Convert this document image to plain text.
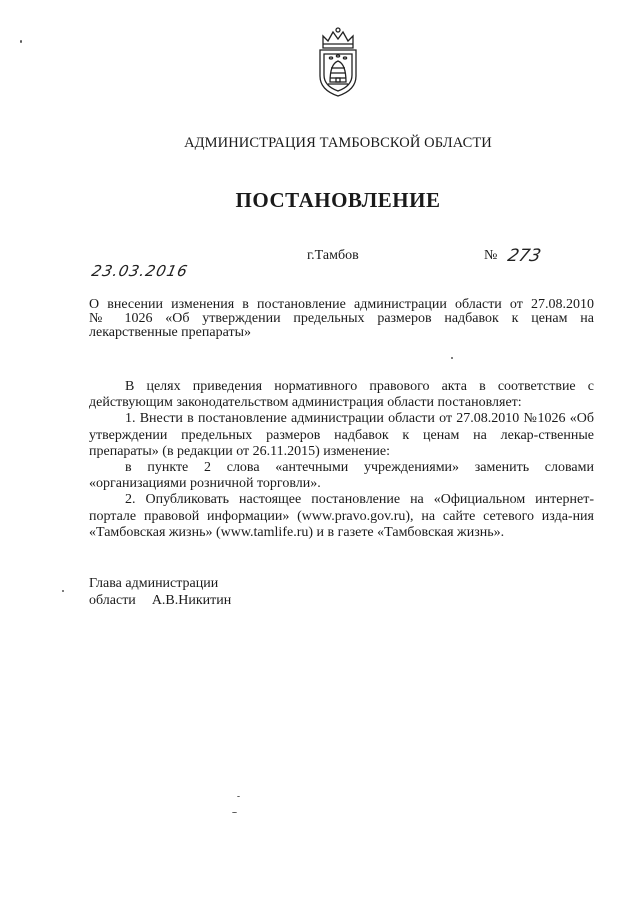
АДМИНИСТРАЦИЯ ТАМБОВСКОЙ ОБЛАСТИ
ПОСТАНОВЛЕНИЕ
23.03.2016
г.Тамбов	№ 273

О внесении изменения в постановление администрации области от 27.08.2010

№ 1026 «Об утверждении предельных размеров надбавок к ценам на

лекарственные препараты»

В целях приведения нормативного правового акта в соответствие с действующим законодательством администрация области постановляет:

1. Внести в постановление администрации области от 27.08.2010 №1026 «Об утверждении предельных размеров надбавок к ценам на лекар-ственные препараты» (в редакции от 26.11.2015) изменение:

в пункте 2 слова «антечными учреждениями» заменить словами «организациями розничной торговли».

2. Опубликовать настоящее постановление на «Официальном интернет-портале правовой информации» (www.pravo.gov.ru), на сайте сетевого изда-ния «Тамбовская жизнь» (www.tamlife.ru) и в газете «Тамбовская жизнь».

Глава администрации

области А.В.Никитин
